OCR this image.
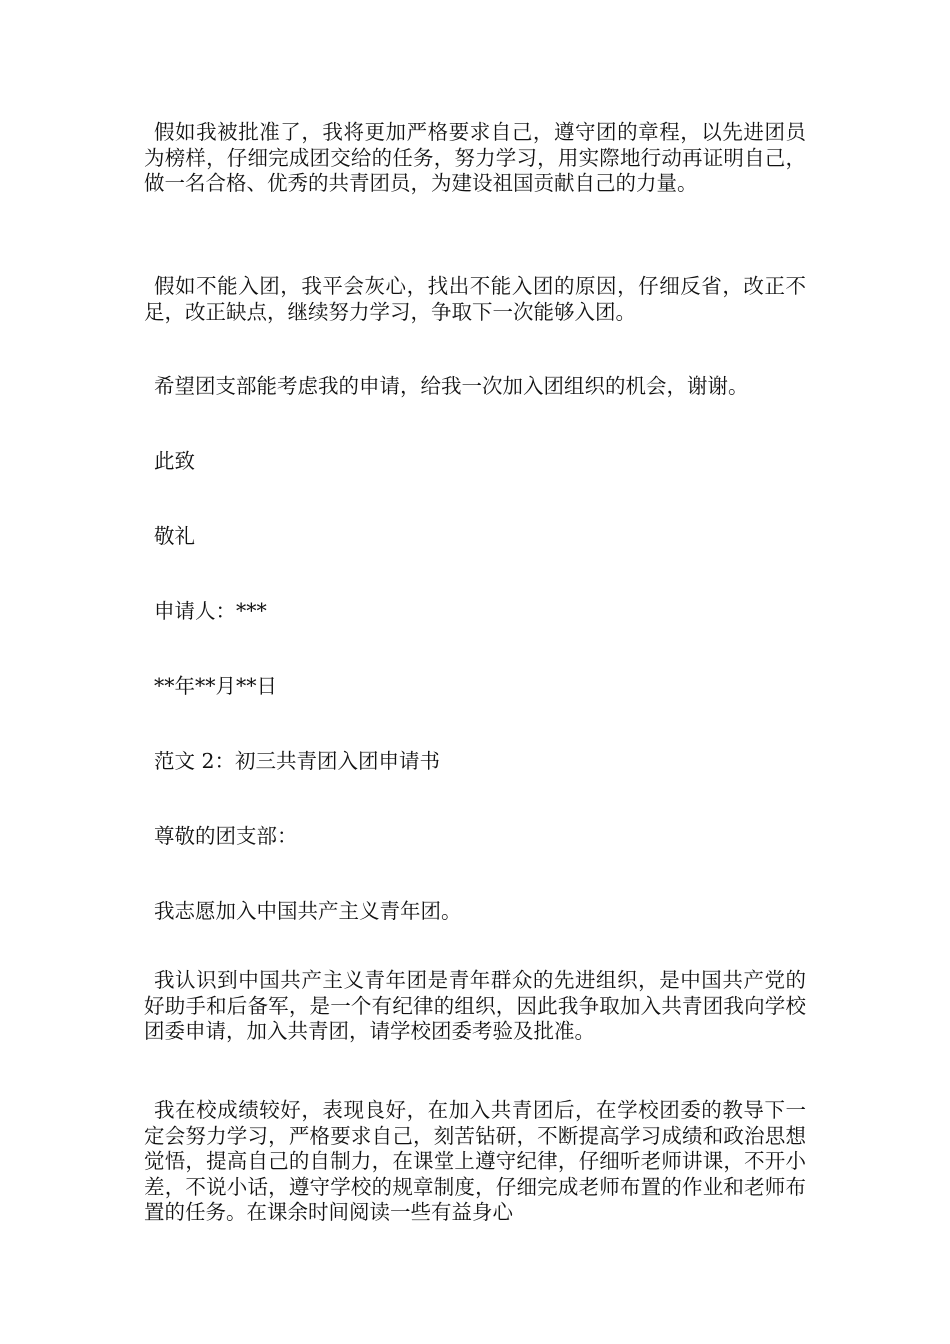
假如我被批准了，我将更加严格要求自己，遵守团的章程，以先进团员为榜样，仔细完成团交给的任务，努力学习，用实際地行动再证明自己，做一名合格、优秀的共青团员，为建设祖国贡献自己的力量。

假如不能入团，我平会灰心，找出不能入团的原因，仔细反省，改正不足，改正缺点，继续努力学习，争取下一次能够入团。

希望团支部能考虑我的申请，给我一次加入团组织的机会，谢谢。

此致

敬礼

申请人：***

**年**月**日

范文 2：初三共青团入团申请书

尊敬的团支部：

我志愿加入中国共产主义青年团。

我认识到中国共产主义青年团是青年群众的先进组织，是中国共产党的好助手和后备军，是一个有纪律的组织，因此我争取加入共青团我向学校团委申请，加入共青团，请学校团委考验及批准。

我在校成绩较好，表现良好，在加入共青团后，在学校团委的教导下一定会努力学习，严格要求自己，刻苦钻研，不断提高学习成绩和政治思想觉悟，提高自己的自制力，在课堂上遵守纪律，仔细听老师讲课，不开小差，不说小话，遵守学校的规章制度，仔细完成老师布置的作业和老师布置的任务。在课余时间阅读一些有益身心
